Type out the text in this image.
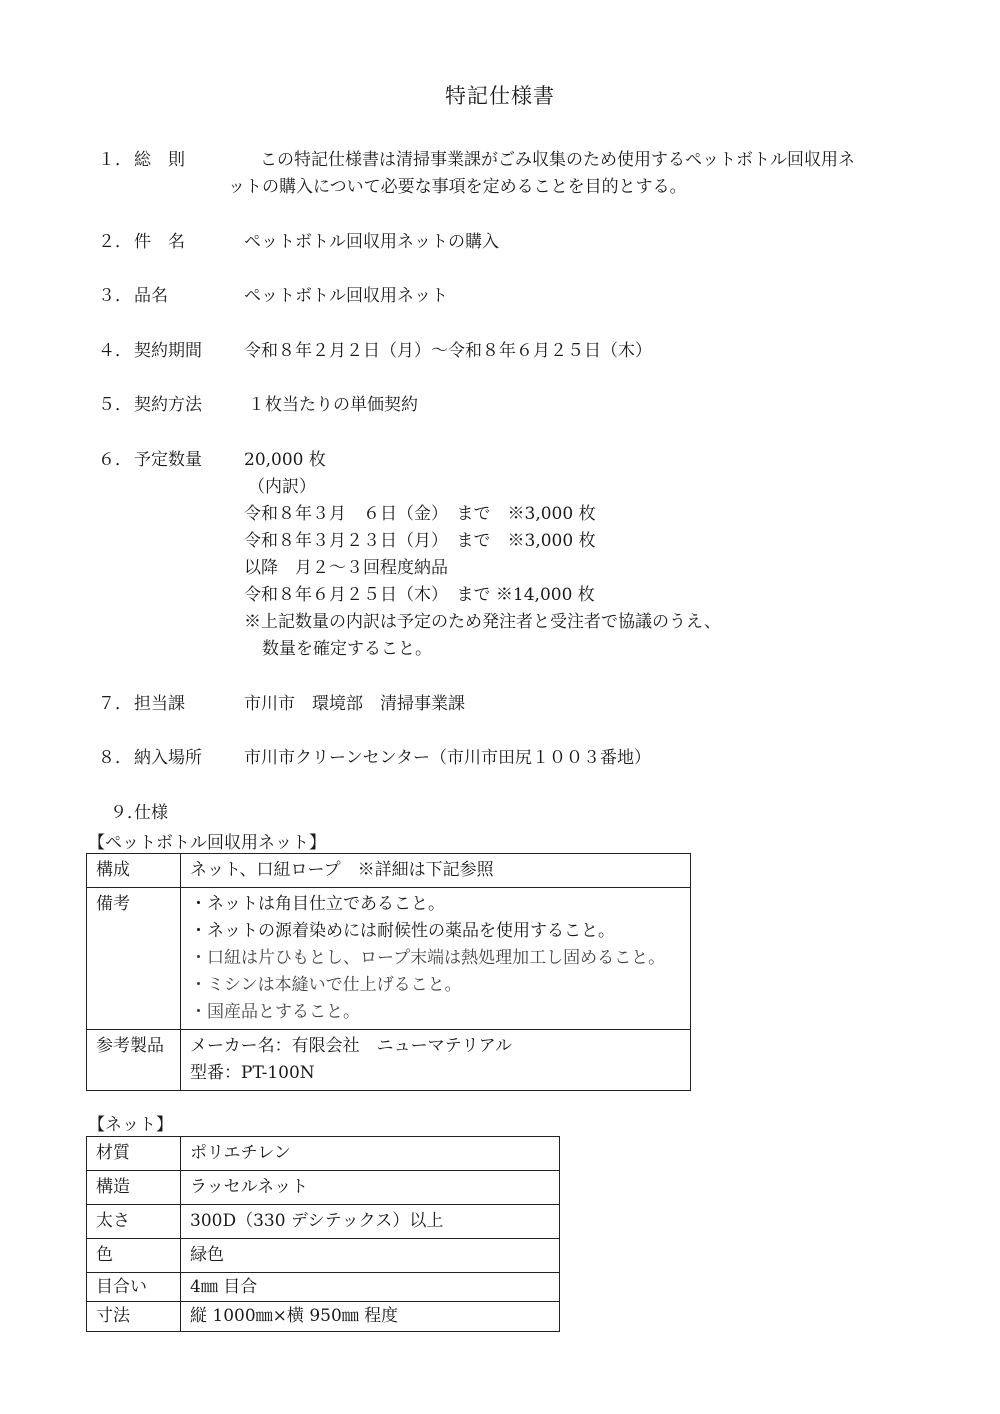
特記仕様書
１． 総　則	この特記仕様書は清掃事業課がごみ収集のため使用するペットボトル回収用ネ
ットの購入について必要な事項を定めることを目的とする。
２． 件　名	ペットボトル回収用ネットの購入
３． 品名	ペットボトル回収用ネット
４． 契約期間	令和８年２月２日（月）～令和８年６月２５日（木）
５． 契約方法	１枚当たりの単価契約
６． 予定数量	20,000 枚
（内訳）
令和８年３月　６日（金）　まで　※3,000 枚
令和８年３月２３日（月）　まで　※3,000 枚
以降　月２～３回程度納品
令和８年６月２５日（木）　まで ※14,000 枚
※上記数量の内訳は予定のため発注者と受注者で協議のうえ、
数量を確定すること。
７． 担当課	市川市　環境部　清掃事業課
８． 納入場所	市川市クリーンセンター（市川市田尻１００３番地）
９．
仕様
【ペットボトル回収用ネット】
構成	ネット、口紐ロープ　※詳細は下記参照
備考	・ネットは角目仕立であること。
・ネットの源着染めには耐候性の薬品を使用すること。
・口紐は片ひもとし、ロープ末端は熱処理加工し固めること。
・ミシンは本縫いで仕上げること。
・国産品とすること。

参考製品	メーカー名：有限会社　ニューマテリアル
型番：PT-100N
【ネット】
材質	ポリエチレン
構造	ラッセルネット
太さ	300D（330 デシテックス）以上
色	緑色
目合い	4㎜ 目合
寸法	縦 1000㎜×横 950㎜ 程度
